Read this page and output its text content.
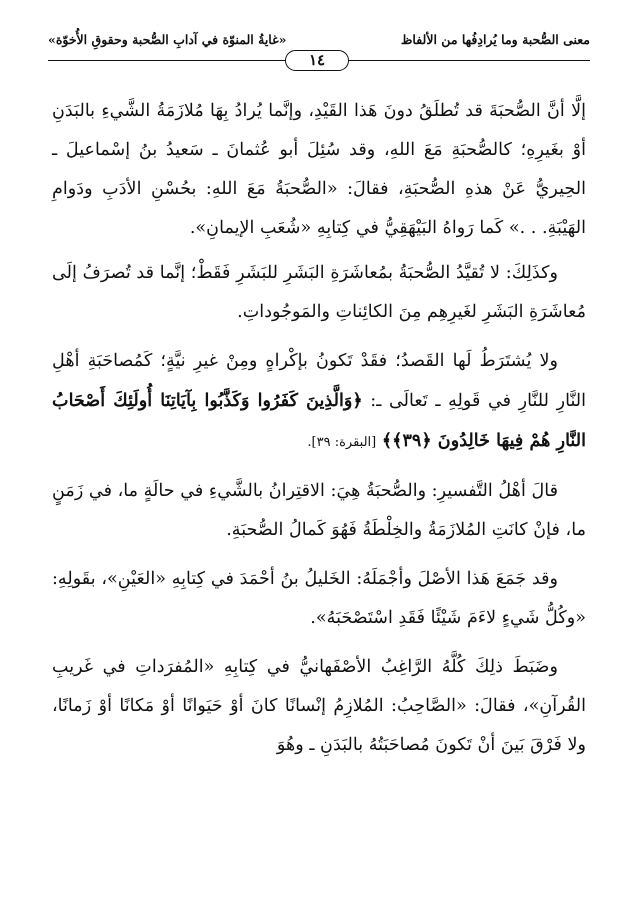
معنى الصُّحبة وما يُرادِفُها من الألفاظ
«غايةُ المنوّة في آدابِ الصُّحبة وحقوقِ الأُخوّة»
١٤

إلَّا أنَّ الصُّحبَةَ قد تُطلَقُ دونَ هَذا القَيْدِ، وإنَّما يُرادُ بِهَا مُلازَمَةُ الشَّيءِ بالبَدَنِ أوْ بغَيرِهِ؛ كالصُّحبَةِ مَعَ اللهِ، وقد سُئِلَ أبو عُثمانَ ـ سَعيدُ بنُ إسْماعيلَ ـ الحِيريُّ عَنْ هذهِ الصُّحبَةِ، فقالَ: «الصُّحبَةُ مَعَ اللهِ: بحُسْنِ الأدَبِ ودَوامِ الهَيْبَةِ. . .» كَما رَواهُ البَيْهَقِيُّ في كِتابِهِ «شُعَبِ الإيمانِ».

وكذَلِكَ: لا تُقيَّدُ الصُّحبَةُ بمُعاشَرَةِ البَشَرِ للبَشَرِ فَقَطْ؛ إنَّما قد تُصرَفُ إلَى مُعاشَرَةِ البَشَرِ لغَيرِهِم مِنَ الكائِناتِ والمَوجُوداتِ.

ولا يُشتَرَطُ لَها القَصدُ؛ فقَدْ تَكونُ بإكْراهٍ ومِنْ غيرِ نيَّةٍ؛ كَمُصاحَبَةِ أهْلِ النَّارِ للنَّارِ في قَولِهِ ـ تَعالَى ـ: ﴿وَالَّذِينَ كَفَرُوا وَكَذَّبُوا بِآيَاتِنَا أُولَئِكَ أَصْحَابُ النَّارِ هُمْ فِيهَا خَالِدُونَ ﴿٣٩﴾﴾ [البقرة: ٣٩].

قالَ أهْلُ التَّفسيرِ: والصُّحبَةُ هِيَ: الاقتِرانُ بالشَّيءِ في حالَةٍ ما، في زَمَنٍ ما، فإنْ كانَتِ المُلازَمَةُ والخِلْطَةُ فَهُوَ كَمالُ الصُّحبَةِ.

وقد جَمَعَ هَذا الأصْلَ وأجْمَلَهُ: الخَليلُ بنُ أحْمَدَ في كِتابِهِ «العَيْنِ»، بقَولِهِ: «وكُلُّ شَيءٍ لاءَمَ شَيْئًا فَقَدِ اسْتَصْحَبَهُ».

وضَبَطَ ذلِكَ كُلَّهُ الرَّاغِبُ الأصْفَهانيُّ في كِتابِهِ «المُفرَداتِ في غَريبِ القُرآنِ»، فقالَ: «الصَّاحِبُ: المُلازِمُ إنْسانًا كانَ أوْ حَيَوانًا أوْ مَكانًا أوْ زَمانًا، ولا فَرْقَ بَينَ أنْ تَكونَ مُصاحَبَتُهُ بالبَدَنِ ـ وهُوَ
